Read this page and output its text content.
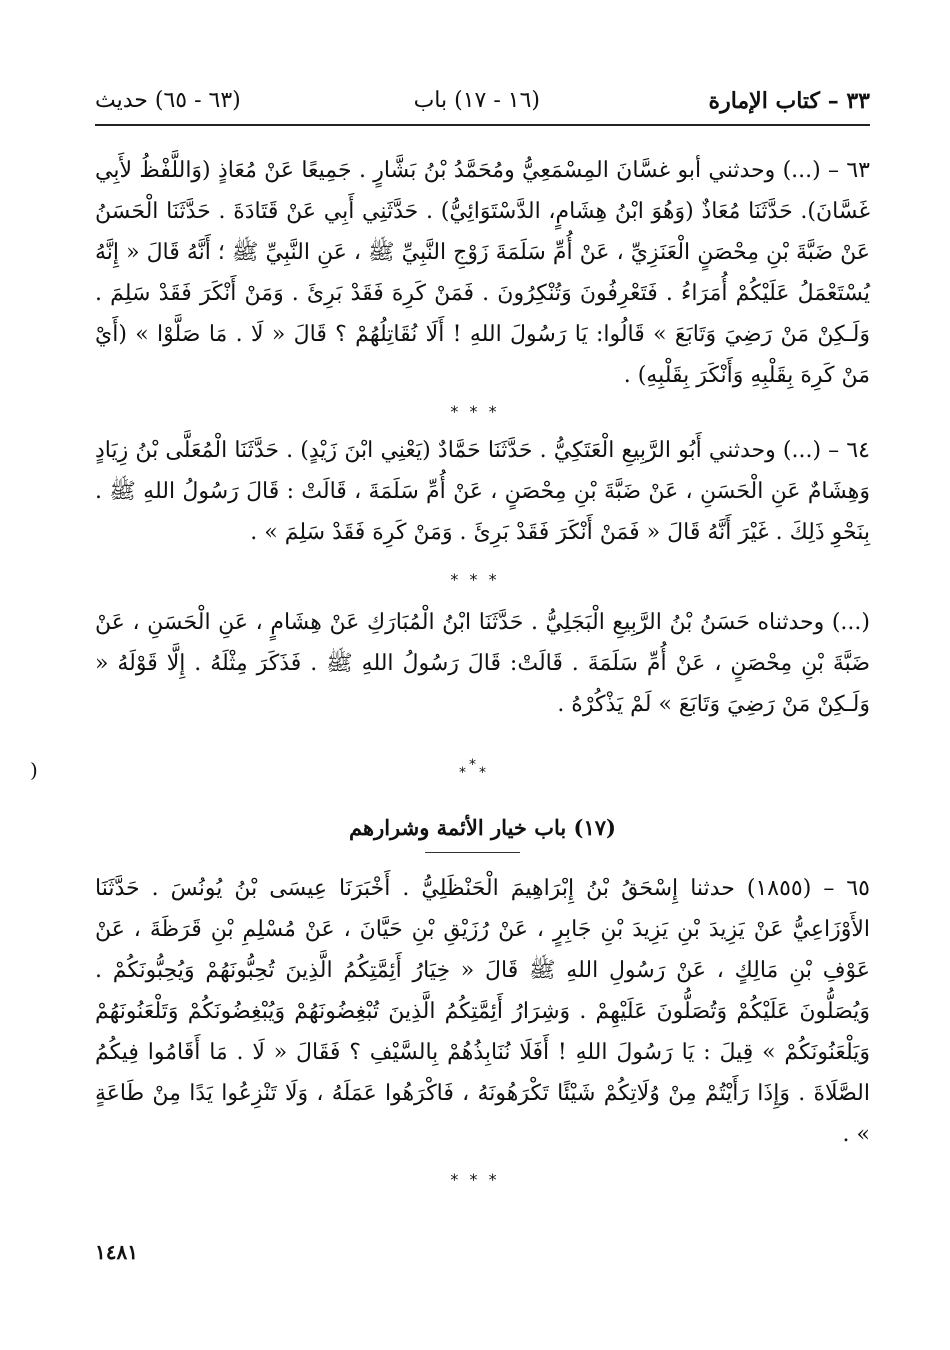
٣٣ – كتاب الإمارة
(١٦ - ١٧) باب
(٦٣ - ٦٥) حديث

٦٣ – (...) وحدثني أبو غسَّانَ المِسْمَعِيُّ ومُحَمَّدُ بْنُ بَشَّارٍ . جَمِيعًا عَنْ مُعَاذٍ (وَاللَّفْظُ لأَبِي غَسَّانَ). حَدَّثَنَا مُعَاذٌ (وَهُوَ ابْنُ هِشَامٍ، الدَّسْتَوَائِيُّ) . حَدَّثَنِي أَبِي عَنْ قَتَادَةَ . حَدَّثَنَا الْحَسَنُ عَنْ ضَبَّةَ بْنِ مِحْصَنٍ الْعَنَزِيِّ ، عَنْ أُمِّ سَلَمَةَ زَوْجِ النَّبِيِّ ﷺ ، عَنِ النَّبِيِّ ﷺ ؛ أَنَّهُ قَالَ « إِنَّهُ يُسْتَعْمَلُ عَلَيْكُمْ أُمَرَاءُ . فَتَعْرِفُونَ وَتُنْكِرُونَ . فَمَنْ كَرِهَ فَقَدْ بَرِئَ . وَمَنْ أَنْكَرَ فَقَدْ سَلِمَ . وَلَـكِنْ مَنْ رَضِيَ وَتَابَعَ » قَالُوا: يَا رَسُولَ اللهِ ! أَلَا نُقَاتِلُهُمْ ؟ قَالَ « لَا . مَا صَلَّوْا » (أَيْ مَنْ كَرِهَ بِقَلْبِهِ وَأَنْكَرَ بِقَلْبِهِ) .

* * *

٦٤ – (...) وحدثني أَبُو الرَّبِيعِ الْعَتَكِيُّ . حَدَّثَنَا حَمَّادٌ (يَعْنِي ابْنَ زَيْدٍ) . حَدَّثَنَا الْمُعَلَّى بْنُ زِيَادٍ وَهِشَامٌ عَنِ الْحَسَنِ ، عَنْ ضَبَّةَ بْنِ مِحْصَنٍ ، عَنْ أُمِّ سَلَمَةَ ، قَالَتْ : قَالَ رَسُولُ اللهِ ﷺ . بِنَحْوِ ذَلِكَ . غَيْرَ أَنَّهُ قَالَ « فَمَنْ أَنْكَرَ فَقَدْ بَرِئَ . وَمَنْ كَرِهَ فَقَدْ سَلِمَ » .

* * *

(...) وحدثناه حَسَنُ بْنُ الرَّبِيعِ الْبَجَلِيُّ . حَدَّثَنَا ابْنُ الْمُبَارَكِ عَنْ هِشَامٍ ، عَنِ الْحَسَنِ ، عَنْ ضَبَّةَ بْنِ مِحْصَنٍ ، عَنْ أُمِّ سَلَمَةَ . قَالَتْ: قَالَ رَسُولُ اللهِ ﷺ . فَذَكَرَ مِثْلَهُ . إِلَّا قَوْلَهُ « وَلَـكِنْ مَنْ رَضِيَ وَتَابَعَ » لَمْ يَذْكُرْهُ .

)	* * *
(١٧) باب خيار الأئمة وشرارهم

٦٥ – (١٨٥٥) حدثنا إِسْحَقُ بْنُ إِبْرَاهِيمَ الْحَنْظَلِيُّ . أَخْبَرَنَا عِيسَى بْنُ يُونُسَ . حَدَّثَنَا الأَوْزَاعِيُّ عَنْ يَزِيدَ بْنِ يَزِيدَ بْنِ جَابِرٍ ، عَنْ رُزَيْقِ بْنِ حَيَّانَ ، عَنْ مُسْلِمِ بْنِ قَرَظَةَ ، عَنْ عَوْفِ بْنِ مَالِكٍ ، عَنْ رَسُولِ اللهِ ﷺ قَالَ « خِيَارُ أَئِمَّتِكُمُ الَّذِينَ تُحِبُّونَهُمْ وَيُحِبُّونَكُمْ . وَيُصَلُّونَ عَلَيْكُمْ وَتُصَلُّونَ عَلَيْهِمْ . وَشِرَارُ أَئِمَّتِكُمُ الَّذِينَ تُبْغِضُونَهُمْ وَيُبْغِضُونَكُمْ وَتَلْعَنُونَهُمْ وَيَلْعَنُونَكُمْ » قِيلَ : يَا رَسُولَ اللهِ ! أَفَلَا نُنَابِذُهُمْ بِالسَّيْفِ ؟ فَقَالَ « لَا . مَا أَقَامُوا فِيكُمُ الصَّلَاةَ . وَإِذَا رَأَيْتُمْ مِنْ وُلَاتِكُمْ شَيْئًا تَكْرَهُونَهُ ، فَاكْرَهُوا عَمَلَهُ ، وَلَا تَنْزِعُوا يَدًا مِنْ طَاعَةٍ » .

* * *
١٤٨١
